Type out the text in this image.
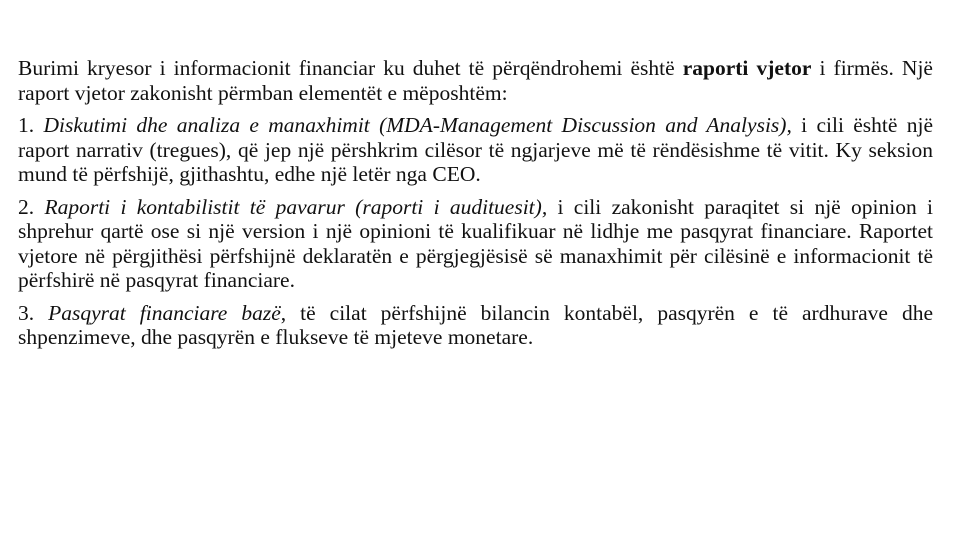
Burimi kryesor i informacionit financiar ku duhet të përqëndrohemi është raporti vjetor i firmës. Një raport vjetor zakonisht përmban elementët e mëposhtëm:

1. Diskutimi dhe analiza e manaxhimit (MDA-Management Discussion and Analysis), i cili është një raport narrativ (tregues), që jep një përshkrim cilësor të ngjarjeve më të rëndësishme të vitit. Ky seksion mund të përfshijë, gjithashtu, edhe një letër nga CEO.

2. Raporti i kontabilistit të pavarur (raporti i audituesit), i cili zakonisht paraqitet si një opinion i shprehur qartë ose si një version i një opinioni të kualifikuar në lidhje me pasqyrat financiare. Raportet vjetore në përgjithësi përfshijnë deklaratën e përgjegjësisë së manaxhimit për cilësinë e informacionit të përfshirë në pasqyrat financiare.

3. Pasqyrat financiare bazë, të cilat përfshijnë bilancin kontabël, pasqyrën e të ardhurave dhe shpenzimeve, dhe pasqyrën e flukseve të mjeteve monetare.
